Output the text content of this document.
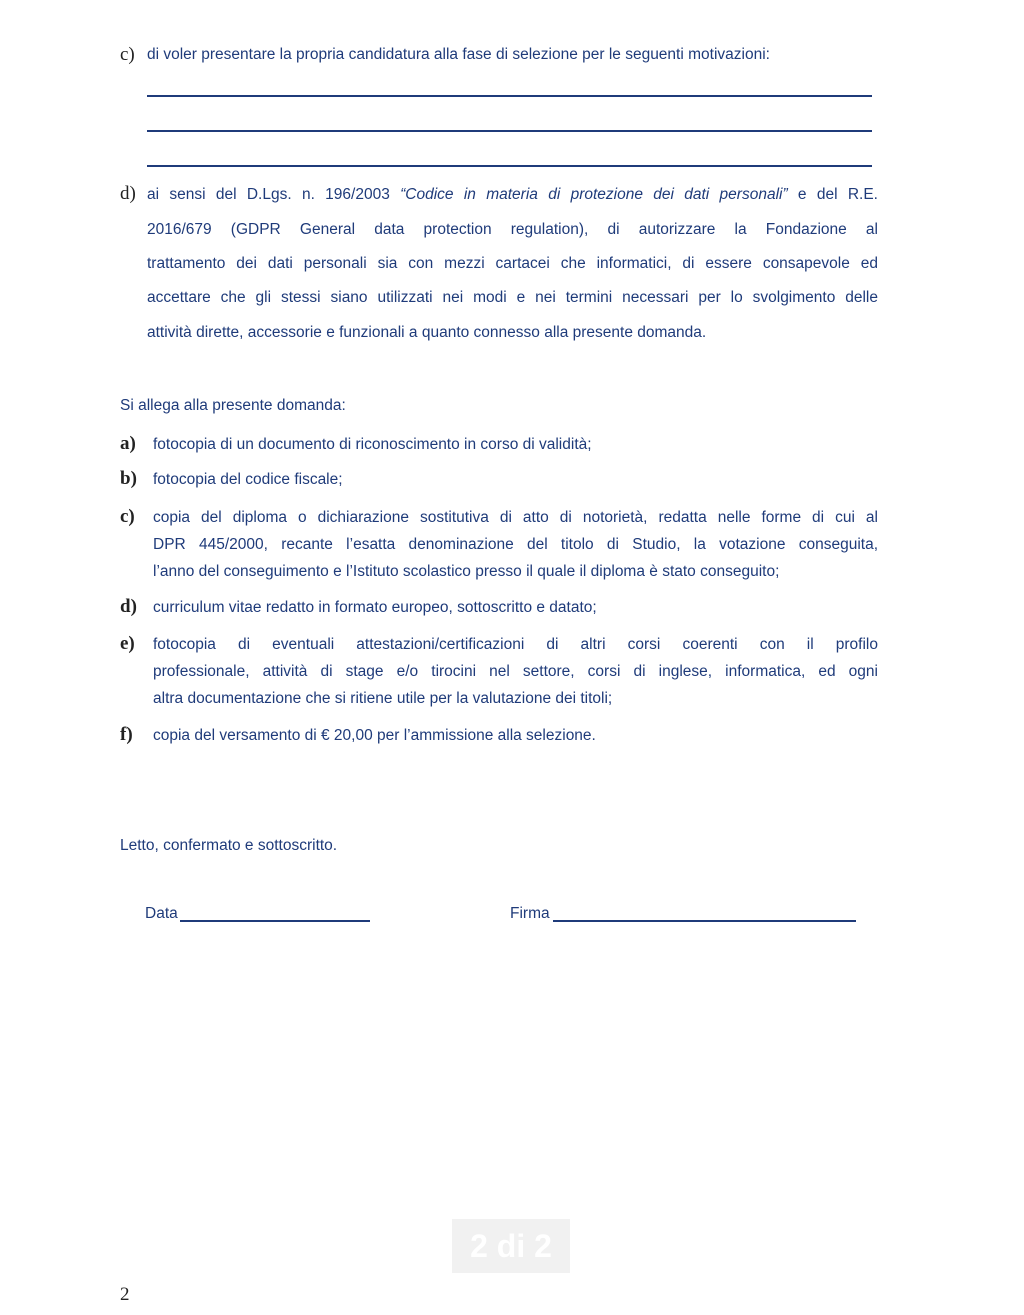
c) di voler presentare la propria candidatura alla fase di selezione per le seguenti motivazioni:
d) ai sensi del D.Lgs. n. 196/2003 “Codice in materia di protezione dei dati personali” e del R.E.
2016/679 (GDPR General data protection regulation), di autorizzare la Fondazione al
trattamento dei dati personali sia con mezzi cartacei che informatici, di essere consapevole ed
accettare che gli stessi siano utilizzati nei modi e nei termini necessari per lo svolgimento delle
attività dirette, accessorie e funzionali a quanto connesso alla presente domanda.
Si allega alla presente domanda:
a) fotocopia di un documento di riconoscimento in corso di validità;
b) fotocopia del codice fiscale;
c) copia del diploma o dichiarazione sostitutiva di atto di notorietà, redatta nelle forme di cui al
DPR 445/2000, recante l’esatta denominazione del titolo di Studio, la votazione conseguita,
l’anno del conseguimento e l’Istituto scolastico presso il quale il diploma è stato conseguito;
d) curriculum vitae redatto in formato europeo, sottoscritto e datato;
e) fotocopia di eventuali attestazioni/certificazioni di altri corsi coerenti con il profilo
professionale, attività di stage e/o tirocini nel settore, corsi di inglese, informatica, ed ogni
altra documentazione che si ritiene utile per la valutazione dei titoli;
f) copia del versamento di € 20,00 per l’ammissione alla selezione.
Letto, confermato e sottoscritto.
Data	Firma
2 di 2
2
